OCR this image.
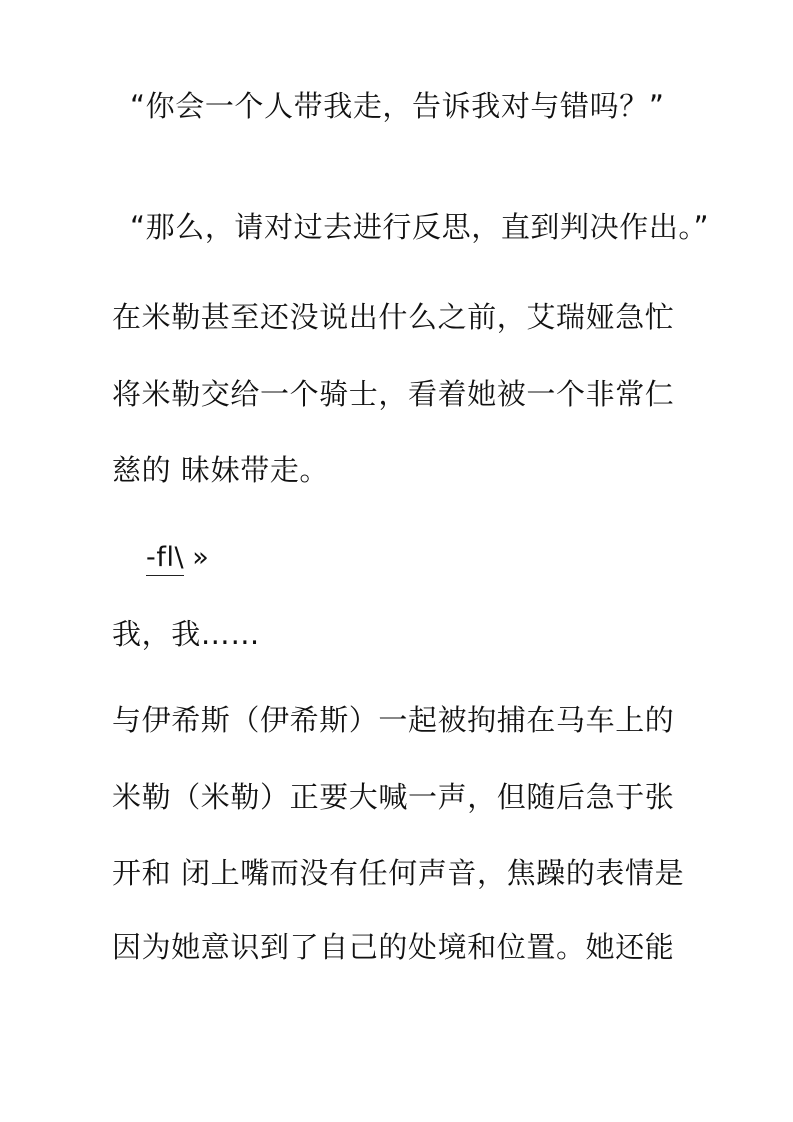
“你会一个人带我走，告诉我对与错吗？”
“那么，请对过去进行反思，直到判决作出。”
在米勒甚至还没说出什么之前，艾瑞娅急忙
将米勒交给一个骑士，看着她被一个非常仁
慈的 昧妹带走。
-fl\ »
我，我……
与伊希斯（伊希斯）一起被拘捕在马车上的
米勒（米勒）正要大喊一声，但随后急于张
开和 闭上嘴而没有任何声音，焦躁的表情是
因为她意识到了自己的处境和位置。她还能
